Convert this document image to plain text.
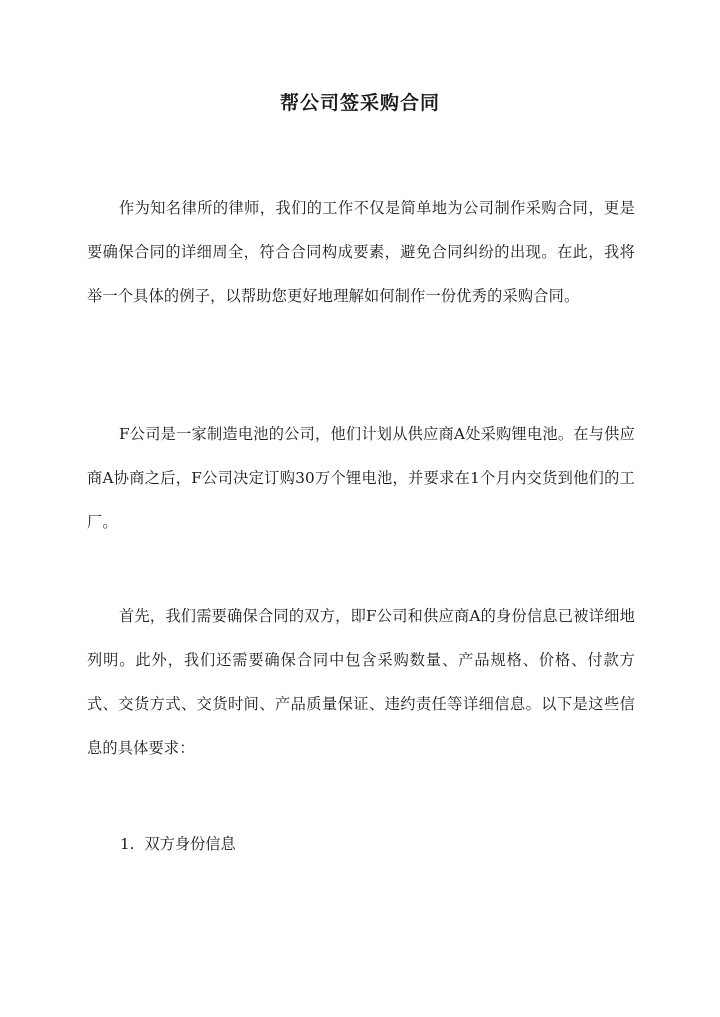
帮公司签采购合同

作为知名律所的律师，我们的工作不仅是简单地为公司制作采购合同，更是要确保合同的详细周全，符合合同构成要素，避免合同纠纷的出现。在此，我将举一个具体的例子，以帮助您更好地理解如何制作一份优秀的采购合同。

F公司是一家制造电池的公司，他们计划从供应商A处采购锂电池。在与供应商A协商之后，F公司决定订购30万个锂电池，并要求在1个月内交货到他们的工厂。

首先，我们需要确保合同的双方，即F公司和供应商A的身份信息已被详细地列明。此外，我们还需要确保合同中包含采购数量、产品规格、价格、付款方式、交货方式、交货时间、产品质量保证、违约责任等详细信息。以下是这些信息的具体要求：

1. 双方身份信息
